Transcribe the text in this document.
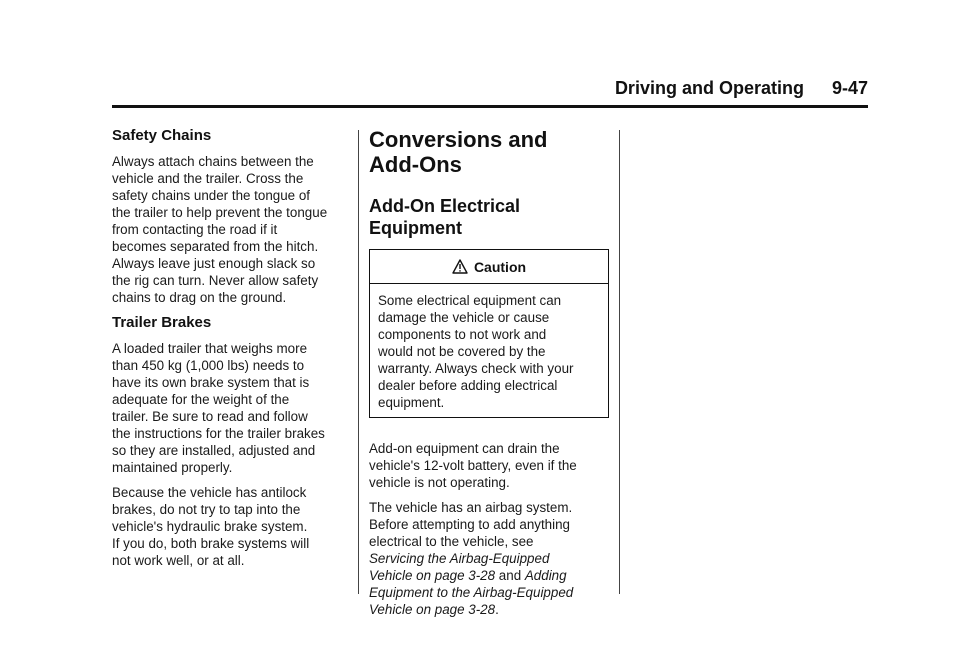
Driving and Operating 9-47
Safety Chains

Always attach chains between the
vehicle and the trailer. Cross the
safety chains under the tongue of
the trailer to help prevent the tongue
from contacting the road if it
becomes separated from the hitch.
Always leave just enough slack so
the rig can turn. Never allow safety
chains to drag on the ground.

Trailer Brakes

A loaded trailer that weighs more
than 450 kg (1,000 lbs) needs to
have its own brake system that is
adequate for the weight of the
trailer. Be sure to read and follow
the instructions for the trailer brakes
so they are installed, adjusted and
maintained properly.

Because the vehicle has antilock
brakes, do not try to tap into the
vehicle's hydraulic brake system.
If you do, both brake systems will
not work well, or at all.

Conversions and
Add-Ons
Add-On Electrical
Equipment
Caution
Some electrical equipment can
damage the vehicle or cause
components to not work and
would not be covered by the
warranty. Always check with your
dealer before adding electrical
equipment.

Add-on equipment can drain the
vehicle's 12-volt battery, even if the
vehicle is not operating.

The vehicle has an airbag system.
Before attempting to add anything
electrical to the vehicle, see
Servicing the Airbag-Equipped
Vehicle on page 3-28 and Adding
Equipment to the Airbag-Equipped
Vehicle on page 3-28.
